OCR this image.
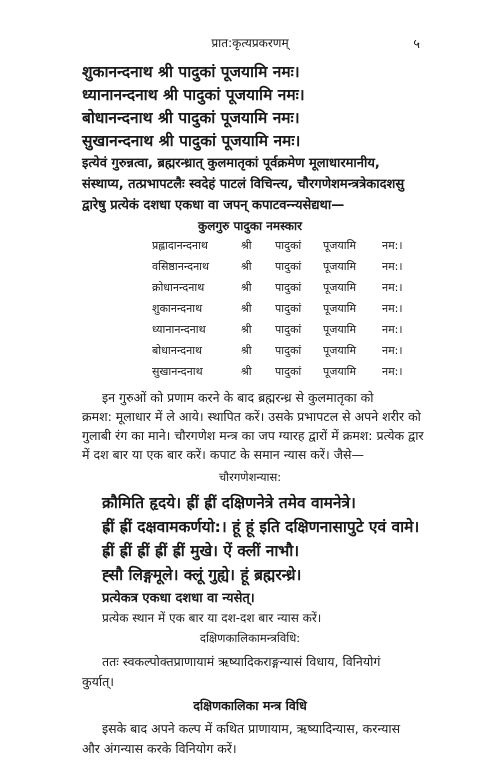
प्रात:कृत्यप्रकरणम्	५
शुकानन्दनाथ श्री पादुकां पूजयामि नमः।
ध्यानानन्दनाथ श्री पादुकां पूजयामि नमः।
बोधानन्दनाथ श्री पादुकां पूजयामि नमः।
सुखानन्दनाथ श्री पादुकां पूजयामि नमः।
इत्येवं गुरुन्नत्वा, ब्रह्मरन्ध्रात् कुलमातृकां पूर्वक्रमेण मूलाधारमानीय,
संस्थाप्य, तत्प्रभापटलैः स्वदेहं पाटलं विचिन्त्य, चौरगणेशमन्त्रत्रेकादशसु
द्वारेषु प्रत्येकं दशधा एकधा वा जपन् कपाटवन्न्यसेद्यथा—
कुलगुरु पादुका नमस्कार
प्रह्लादानन्दनाथ	श्री पादुकां पूजयामि नम:।
वसिष्ठानन्दनाथ	श्री पादुकां पूजयामि नम:।
क्रोधानन्दनाथ	श्री पादुकां पूजयामि नम:।
शुकानन्दनाथ	श्री पादुकां पूजयामि नम:।
ध्यानानन्दनाथ	श्री पादुकां पूजयामि नम:।
बोधानन्दनाथ	श्री पादुकां पूजयामि नम:।
सुखानन्दनाथ	श्री पादुकां पूजयामि नम:।
इन गुरुओं को प्रणाम करने के बाद ब्रह्मरन्ध्र से कुलमातृका को
क्रमश: मूलाधार में ले आये। स्थापित करें। उसके प्रभापटल से अपने शरीर को
गुलाबी रंग का माने। चौरगणेश मन्त्र का जप ग्यारह द्वारों में क्रमश: प्रत्येक द्वार
में दश बार या एक बार करें। कपाट के समान न्यास करें। जैसे—
चौरगणेशन्यास:
क्रौमिति हृदये। ह्रीं ह्रीं दक्षिणनेत्रे तमेव वामनेत्रे।
ह्रीं ह्रीं दक्षवामकर्णयो:। हूं हूं इति दक्षिणनासापुटे एवं वामे।
ह्रीं ह्रीं ह्रीं ह्रीं ह्रीं मुखे। ऐं क्लीं नाभौ।
ह्सौ लिङ्गमूले। क्लूं गुह्ये। हूं ब्रह्मरन्ध्रे।
प्रत्येकत्र एकधा दशधा वा न्यसेत्।
प्रत्येक स्थान में एक बार या दश-दश बार न्यास करें।
दक्षिणकालिकामन्त्रविधि:
ततः स्वकल्पोक्तप्राणायामं ऋष्यादिकराङ्गन्यासं विधाय, विनियोगं
कुर्यात्।
दक्षिणकालिका मन्त्र विधि
इसके बाद अपने कल्प में कथित प्राणायाम, ऋष्यादिन्यास, करन्यास
और अंगन्यास करके विनियोग करें।
